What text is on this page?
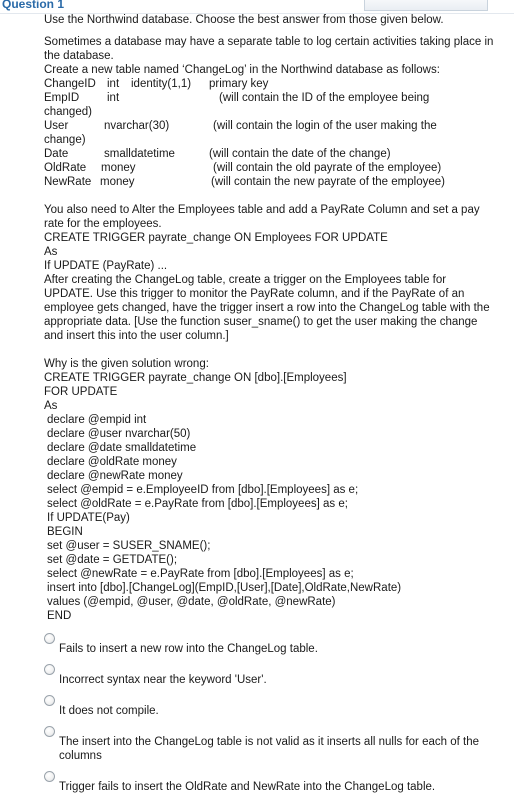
Question 1

Use the Northwind database. Choose the best answer from those given below.

Sometimes a database may have a separate table to log certain activities taking place in the database.

Create a new table named ‘ChangeLog’ in the Northwind database as follows:

ChangeID int identity(1,1) primary key
EmpID int	(will contain the ID of the employee being
changed)
User	nvarchar(30)	(will contain the login of the user making the
change)
Date	smalldatetime	(will contain the date of the change)
OldRate money	(will contain the old payrate of the employee)
NewRate money	(will contain the new payrate of the employee)

You also need to Alter the Employees table and add a PayRate Column and set a pay rate for the employees.

CREATE TRIGGER payrate_change ON Employees FOR UPDATE

As

If UPDATE (PayRate) ...

After creating the ChangeLog table, create a trigger on the Employees table for UPDATE. Use this trigger to monitor the PayRate column, and if the PayRate of an employee gets changed, have the trigger insert a row into the ChangeLog table with the appropriate data. [Use the function suser_sname() to get the user making the change and insert this into the user column.]

Why is the given solution wrong:

CREATE TRIGGER payrate_change ON [dbo].[Employees]

FOR UPDATE

As

declare @empid int
declare @user nvarchar(50)
declare @date smalldatetime
declare @oldRate money
declare @newRate money
select @empid = e.EmployeeID from [dbo].[Employees] as e;
select @oldRate = e.PayRate from [dbo].[Employees] as e;
If UPDATE(Pay)
BEGIN
set @user = SUSER_SNAME();
set @date = GETDATE();
select @newRate = e.PayRate from [dbo].[Employees] as e;
insert into [dbo].[ChangeLog](EmpID,[User],[Date],OldRate,NewRate)
values (@empid, @user, @date, @oldRate, @newRate)
END
Fails to insert a new row into the ChangeLog table.
Incorrect syntax near the keyword 'User'.
It does not compile.
The insert into the ChangeLog table is not valid as it inserts all nulls for each of the columns
Trigger fails to insert the OldRate and NewRate into the ChangeLog table.
